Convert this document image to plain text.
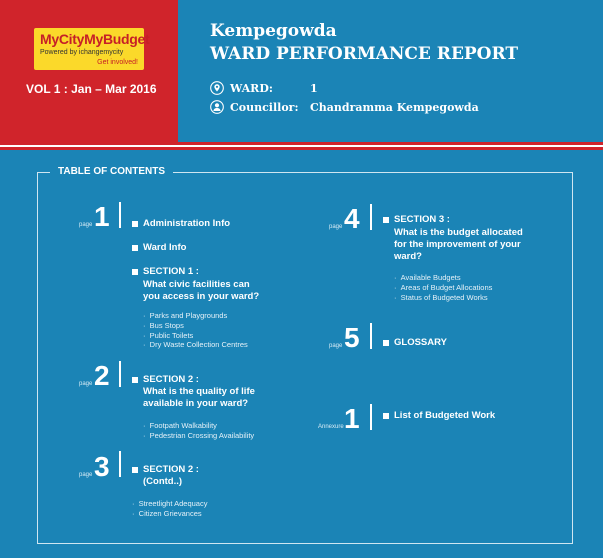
MyCityMyBudget
Powered by ichangemycity
Get involved!
VOL 1 : Jan – Mar 2016
Kempegowda
WARD PERFORMANCE REPORT
WARD:	1
Councillor: Chandramma Kempegowda
TABLE OF CONTENTS
page 1	Administration Info
Ward Info
SECTION 1 :
What civic facilities can
you access in your ward?
·  Parks and Playgrounds
·  Bus Stops
·  Public Toilets
·  Dry Waste Collection Centres
page 2	SECTION 2 :
What is the quality of life
available in your ward?
·  Footpath Walkability
·  Pedestrian Crossing Availability
page 3	SECTION 2 :
(Contd..)
·  Streetlight Adequacy
·  Citizen Grievances
page 4	SECTION 3 :
What is the budget allocated
for the improvement of your
ward?
·  Available Budgets
·  Areas of Budget Allocations
·  Status of Budgeted Works
page 5	GLOSSARY
Annexure 1	List of Budgeted Work
